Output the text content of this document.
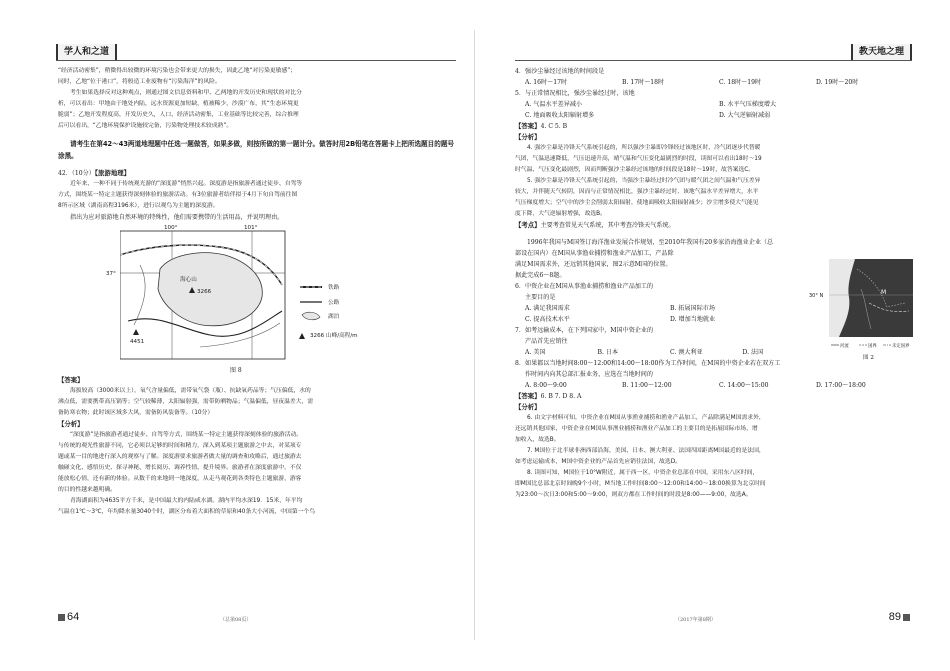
学人和之道

“经济活动密集”，稍微得出较微的环境污染也会带来更大的损失，因此乙地“对污染更敏感”；

同时，乙地“位于港口”，将般造工业废物有“污染海洋”的风险。

考生如果选择反对这种观点，则通过图文信息资料和甲、乙两地的开发历史和现状的对比分

析，可以看出：甲地由于地处内陆，远水资源更加短缺，植被稀少，沙漠广布，其“生态环境更

脆弱”；乙地开发程度高，开发历史久，人口、经济活动密集，工业基础等比较完善，综合推理

后可以看出，“乙地环境保护设施较完备，污染物处理技术较成熟”。

请考生在第42～43两道地理题中任选一题做答，如果多做，则按所做的第一题计分。做答时用2B铅笔在答题卡上把所选题目的题号涂黑。

42．（10分）【旅游地理】

近年来，一种不同于传统观光游的“深度游”悄然兴起。深度游是指旅游者通过徒步、自驾等

方式，围绕某一特定主题获得深刻体验的旅游活动。有3位旅游者结伴拟于4月下旬自驾前往图

8所示区域（湖南高程3196米），进行以观鸟为主题的深度游。

指出为应对旅游地自然环境的特殊性，他们需要携带的生活用品，并说明理由。

100°	101°
37°
海心山
3266
4451
铁路
公路
湖泊
3266 山峰/高程/m
图 8

【答案】

海拔较高（3000米以上），氧气含量偏低，需带氧气袋（瓶）、抗缺氧药品等；气压偏低，水的

沸点低，需要携带高压锅等；空气较稀薄，太阳辐射强，需带防晒物品；气温偏低，昼夜温差大，需

备防寒衣物；此时该区域多大风，需备防风装备等。（10分）

【分析】

“深度游”是指旅游者通过徒步、自驾等方式，围绕某一特定主题获得深刻体验的旅游活动。

与传统的观光性旅游不同，它必须以足够的时间和精力，深入到某项主题旅游之中去，对某项专

题或某一目的地进行深入的观察与了解。深度游要求旅游者做大量的调查和攻略后，通过旅游去

触碰文化、感悟历史、探寻神秘、增长阅历、调养性情、提升境界。旅游者在深度旅游中，不仅

能放松心情，还有新的体验。从数千的来地到一地深度，从走马观花到各类特色主题旅游，游客

的目的性越来越明确。

青海湖面积为4635平方千米，是中国最大的内陆咸水湖。湖内平均水深19．15米，年平均

气温在1℃～3℃，年均降水量3040个时，湖区分布着大面积的草原和40条大小河流，中国第一个鸟

64	（总第08页）
教天地之理

4．强沙尘暴经过该地的时间段是

A. 16时～17时	B. 17时～18时	C. 18时～19时	D. 19时～20时

5．与正常情况相比，强沙尘暴经过时，该地

A. 气温水平差异减小	B. 水平气压梯度增大
C. 地面吸收太阳辐射增多	D. 大气逆辐射减弱

【答案】4. C 5. B

【分析】

4. 强沙尘暴是冷锋天气系统引起的，所以强沙尘暴即冷锋经过该地区时，冷气团逐步代替暖

气团，气温迅速降低，气压迅速升高，晴气温和气压变化最剧烈的时段，读图可以看出18时～19

时气温、气压变化最剧烈，因而判断强沙尘暴经过该地的时间段是18时～19时，故答案选C。

5. 强沙尘暴是冷锋天气系统引起的，当强沙尘暴经过时冷气团与暖气团之间气温和气压差异

较大，并伴随天气转阴，因而与正常情况相比，强沙尘暴经过时，该地气温水平差异增大，水平

气压梯度增大；空气中的沙尘会削弱太阳辐射，使地面吸收太阳辐射减少；沙尘增多使大气能见

度下降，大气逆辐射增强，故选B。

【考点】主要考查常见天气系统，其中考查冷锋天气系统。

1996年我国与M国签订海洋渔业发展合作规划，至2010年我国有20多家沿海渔业企业（总

部设在国内）在M国从事渔业捕捞和渔业产品加工，产品除

满足M国需求外，还远销其他国家，图2示意M国的位置。

据此完成6～8题。

6．中资企业在M国从事渔业捕捞和渔业产品加工的

主要目的是

A. 满足我国需求	B. 拓展国际市场
C. 提高技术水平	D. 增加当地就业

7．如考远输成本，在下列国家中，M国中资企业的

产品首先应销往

A. 美国	B. 日本	C. 澳大利亚	D. 法国
M
30° N
河流	国界	未定国界
图 2

8．如果都以当地时间8:00～12:00和14:00～18:00作为工作时间，在M国的中资企业若在双方工

作时间内向其总部汇报业务，应选在当地时间的

A. 8:00～9:00	B. 11:00～12:00	C. 14:00～15:00	D. 17:00～18:00

【答案】6. B 7. D 8. A

【分析】

6. 由文字材料可知，中资企业在M国从事渔业捕捞和渔业产品加工，产品除满足M国需求外，

还远销其他国家，中资企业在M国从事渔业捕捞和渔业产品加工的主要目的是拓展国际市场，增

加收入，故选B。

7. M国位于北半球非洲西部沿海，美国、日本、澳大利亚、法国四国距离M国最近的是法国，

如考虑运输成本，M国中资企业的产品首先应销往法国，故选D。

8. 读图可知，M国位于10°W附近，属于西一区，中资企业总部在中国，采用东八区时间，

即M国比总部北京时间晚9个小时，M当地工作时间8:00～12:00和14:00～18:00换算为北京时间

为23:00～次日3:00和5:00～9:00，则双方都在工作时间的时段是8:00——9:00，故选A。

89
（2017年第8期）
